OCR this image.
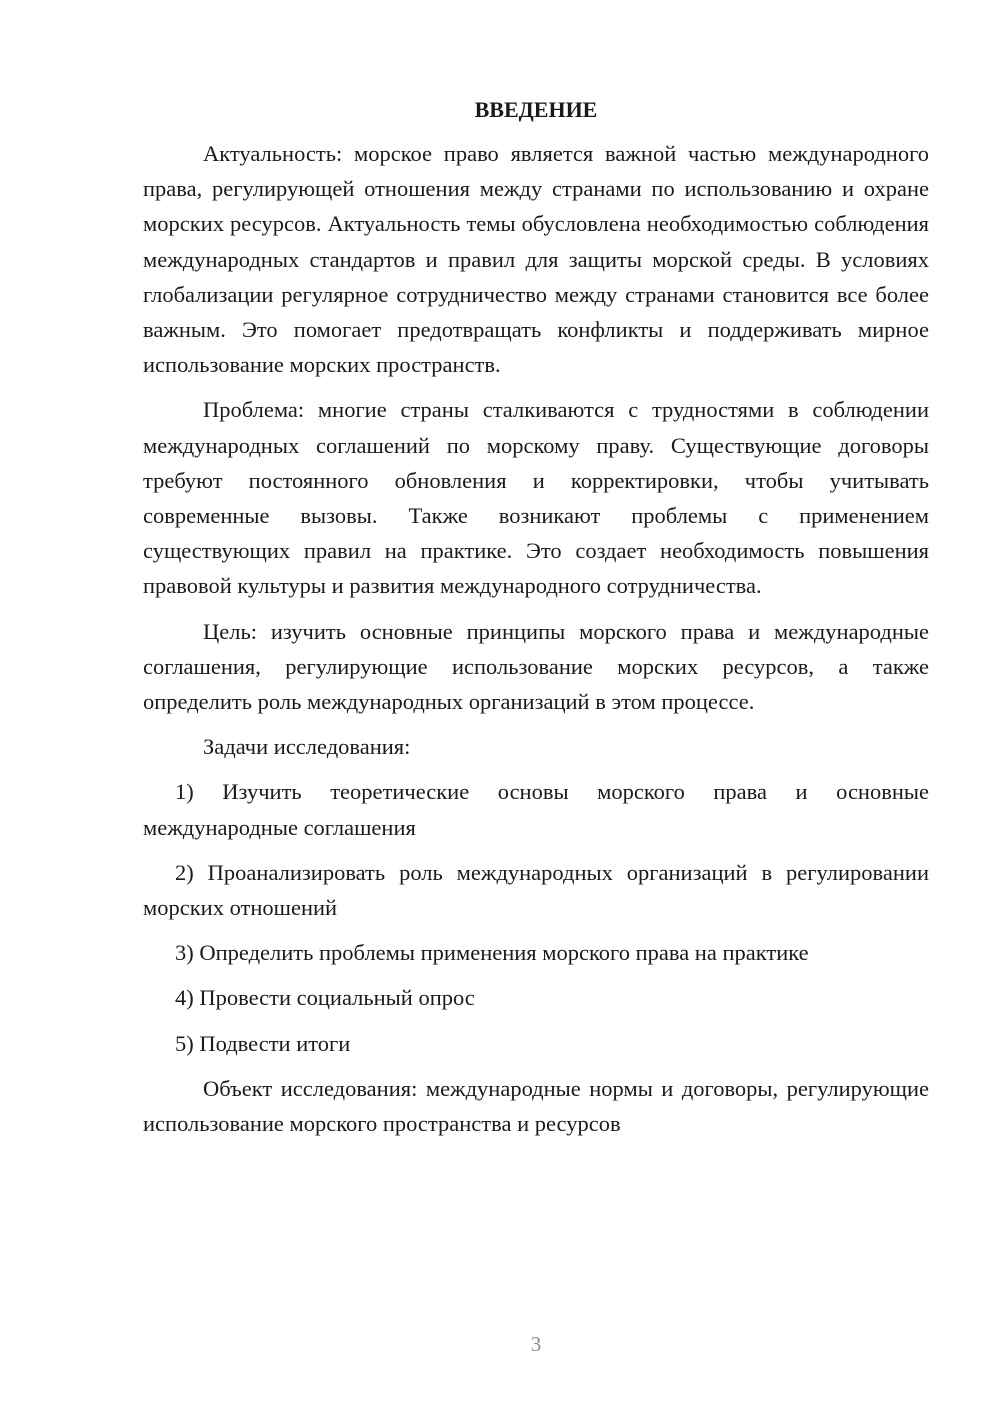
ВВЕДЕНИЕ

Актуальность: морское право является важной частью международного права, регулирующей отношения между странами по использованию и охране морских ресурсов. Актуальность темы обусловлена необходимостью соблюдения международных стандартов и правил для защиты морской среды. В условиях глобализации регулярное сотрудничество между странами становится все более важным. Это помогает предотвращать конфликты и поддерживать мирное использование морских пространств.

Проблема: многие страны сталкиваются с трудностями в соблюдении международных соглашений по морскому праву. Существующие договоры требуют постоянного обновления и корректировки, чтобы учитывать современные вызовы. Также возникают проблемы с применением существующих правил на практике. Это создает необходимость повышения правовой культуры и развития международного сотрудничества.

Цель: изучить основные принципы морского права и международные соглашения, регулирующие использование морских ресурсов, а также определить роль международных организаций в этом процессе.

Задачи исследования:

1) Изучить теоретические основы морского права и основные международные соглашения

2) Проанализировать роль международных организаций в регулировании морских отношений

3) Определить проблемы применения морского права на практике

4) Провести социальный опрос

5) Подвести итоги

Объект исследования: международные нормы и договоры, регулирующие использование морского пространства и ресурсов

3
